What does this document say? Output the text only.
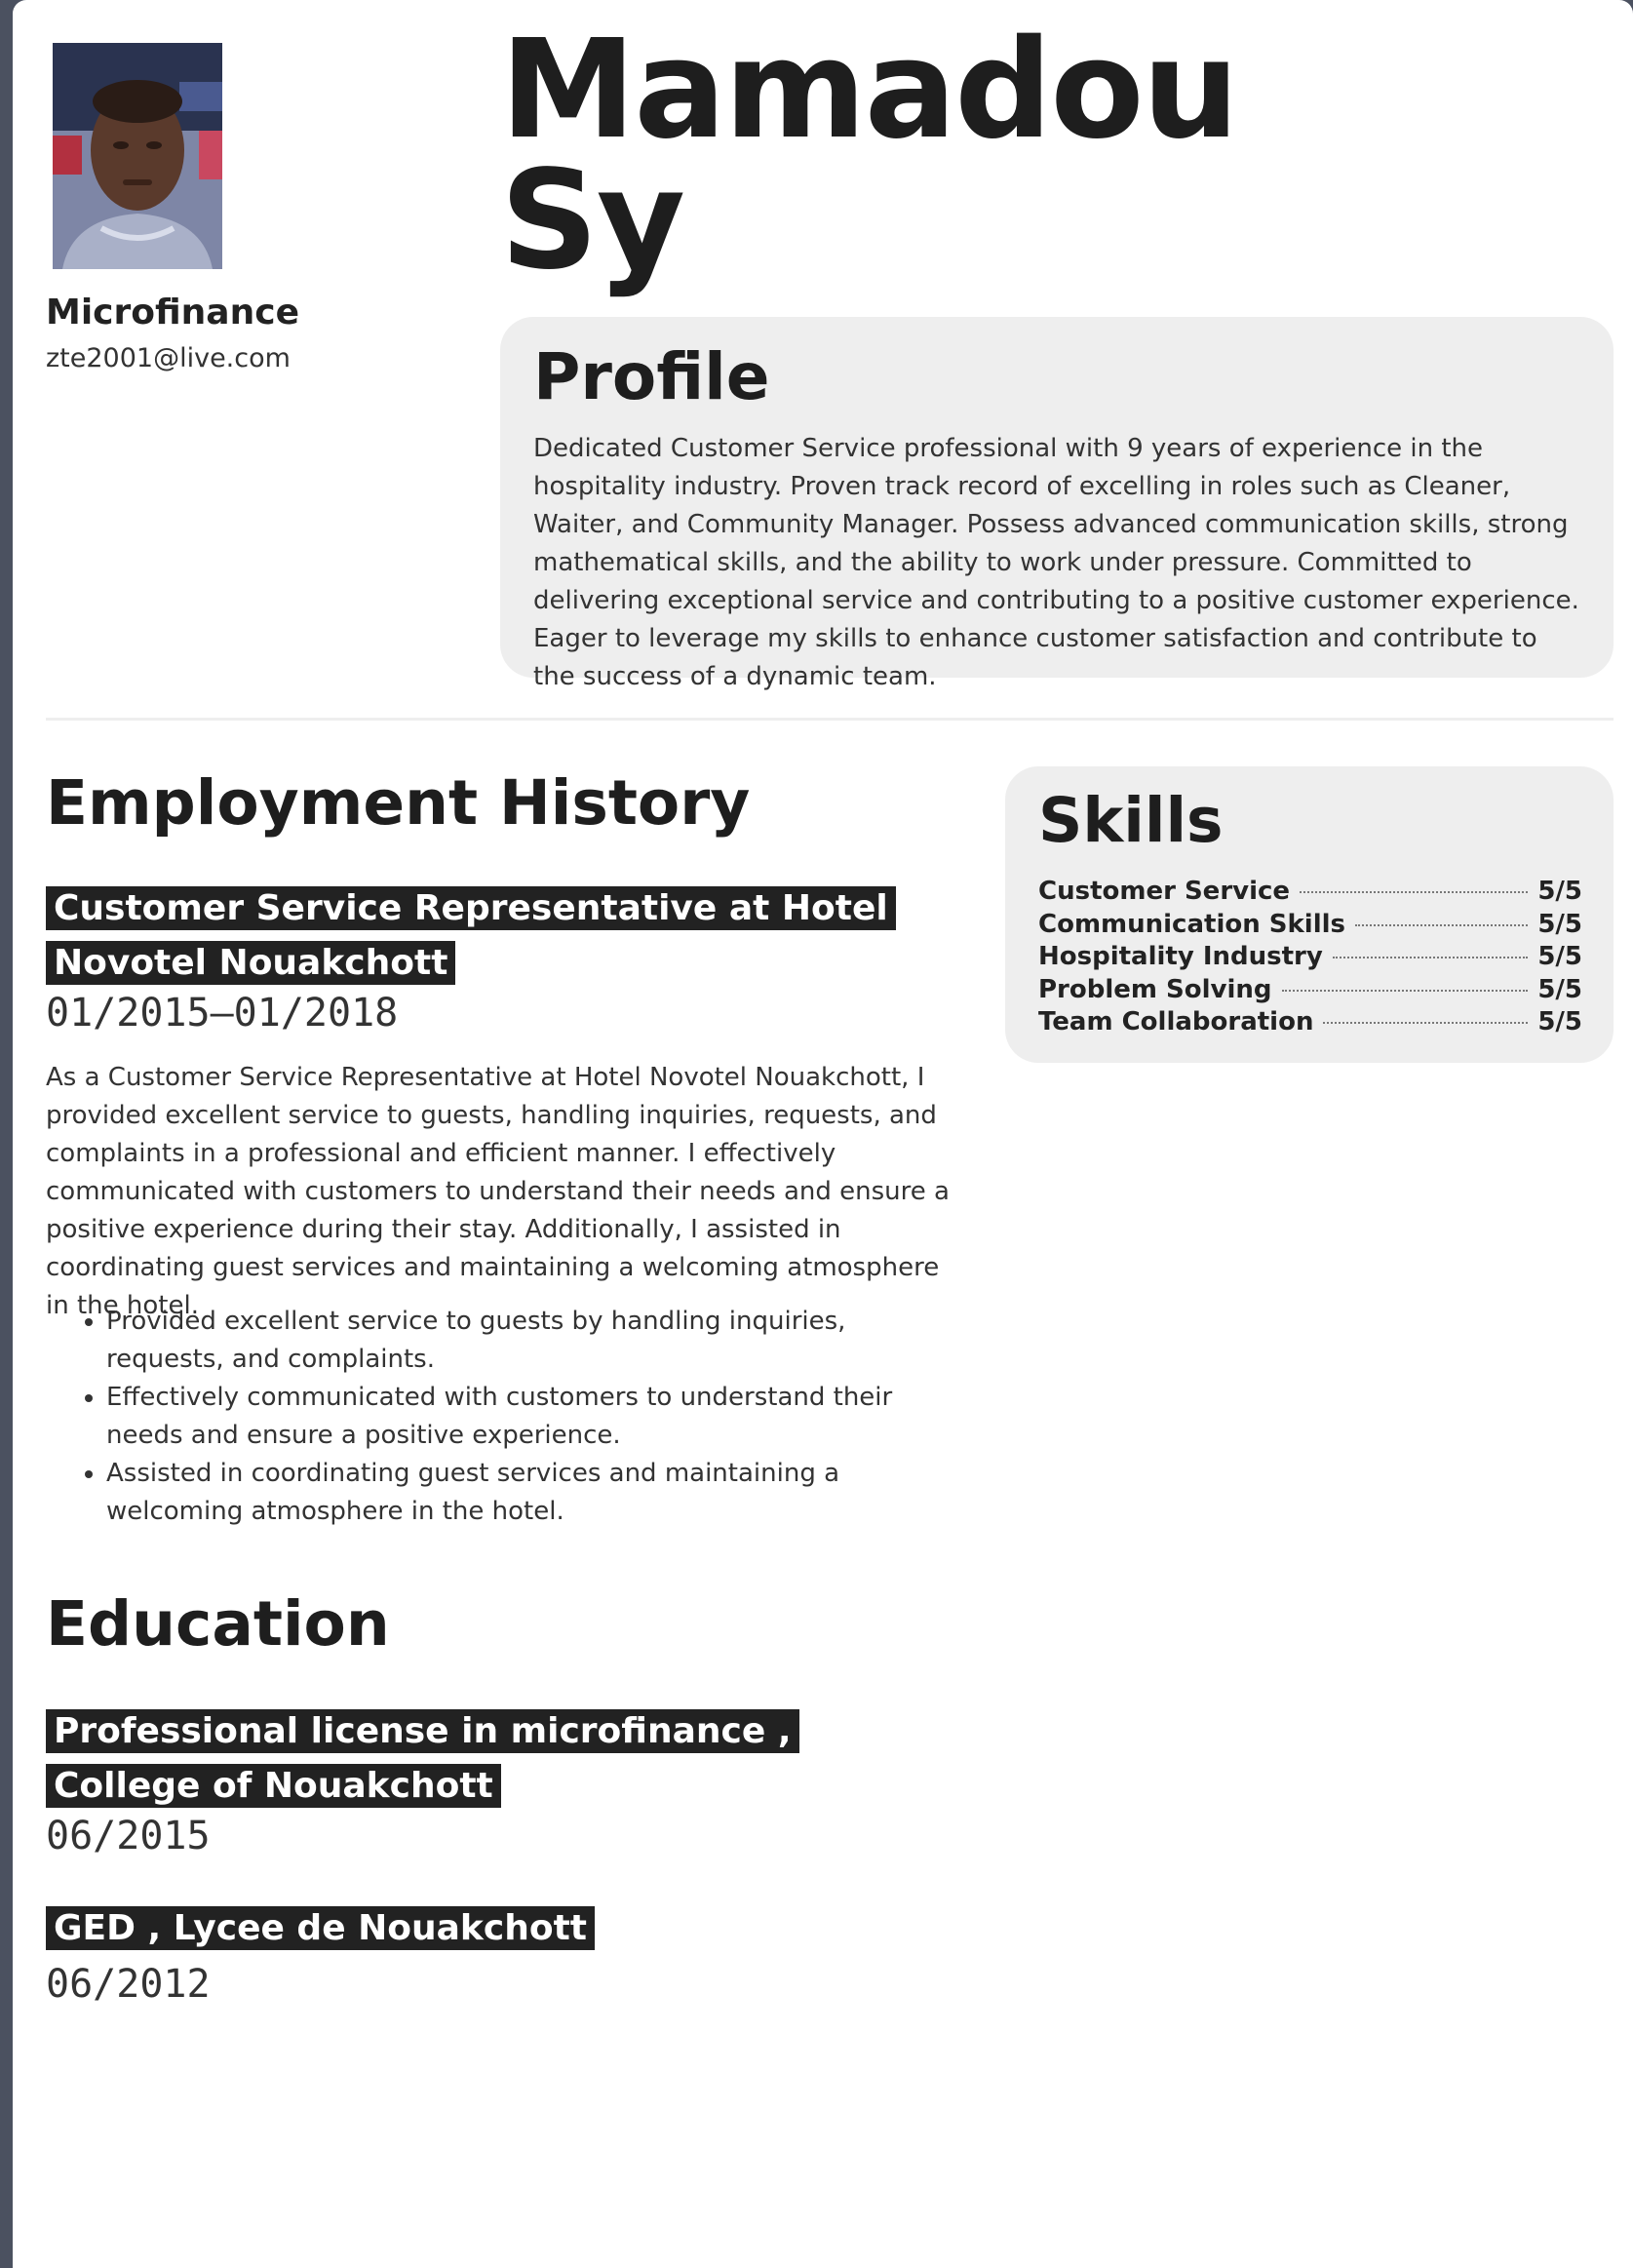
Microfinance
zte2001@live.com
Mamadou
Sy
Profile

Dedicated Customer Service professional with 9 years of experience in the hospitality industry. Proven track record of excelling in roles such as Cleaner, Waiter, and Community Manager. Possess advanced communication skills, strong mathematical skills, and the ability to work under pressure. Committed to delivering exceptional service and contributing to a positive customer experience. Eager to leverage my skills to enhance customer satisfaction and contribute to the success of a dynamic team.

Employment History
Customer Service Representative at Hotel Novotel Nouakchott
01/2015—01/2018

As a Customer Service Representative at Hotel Novotel Nouakchott, I provided excellent service to guests, handling inquiries, requests, and complaints in a professional and efficient manner. I effectively communicated with customers to understand their needs and ensure a positive experience during their stay. Additionally, I assisted in coordinating guest services and maintaining a welcoming atmosphere in the hotel.

• Provided excellent service to guests by handling inquiries, requests, and complaints.
• Effectively communicated with customers to understand their needs and ensure a positive experience.
• Assisted in coordinating guest services and maintaining a welcoming atmosphere in the hotel.
Education
Professional license in microfinance , College of Nouakchott
06/2015
GED , Lycee de Nouakchott
06/2012
Skills
Customer Service	5/5
Communication Skills	5/5
Hospitality Industry	5/5
Problem Solving	5/5
Team Collaboration	5/5
